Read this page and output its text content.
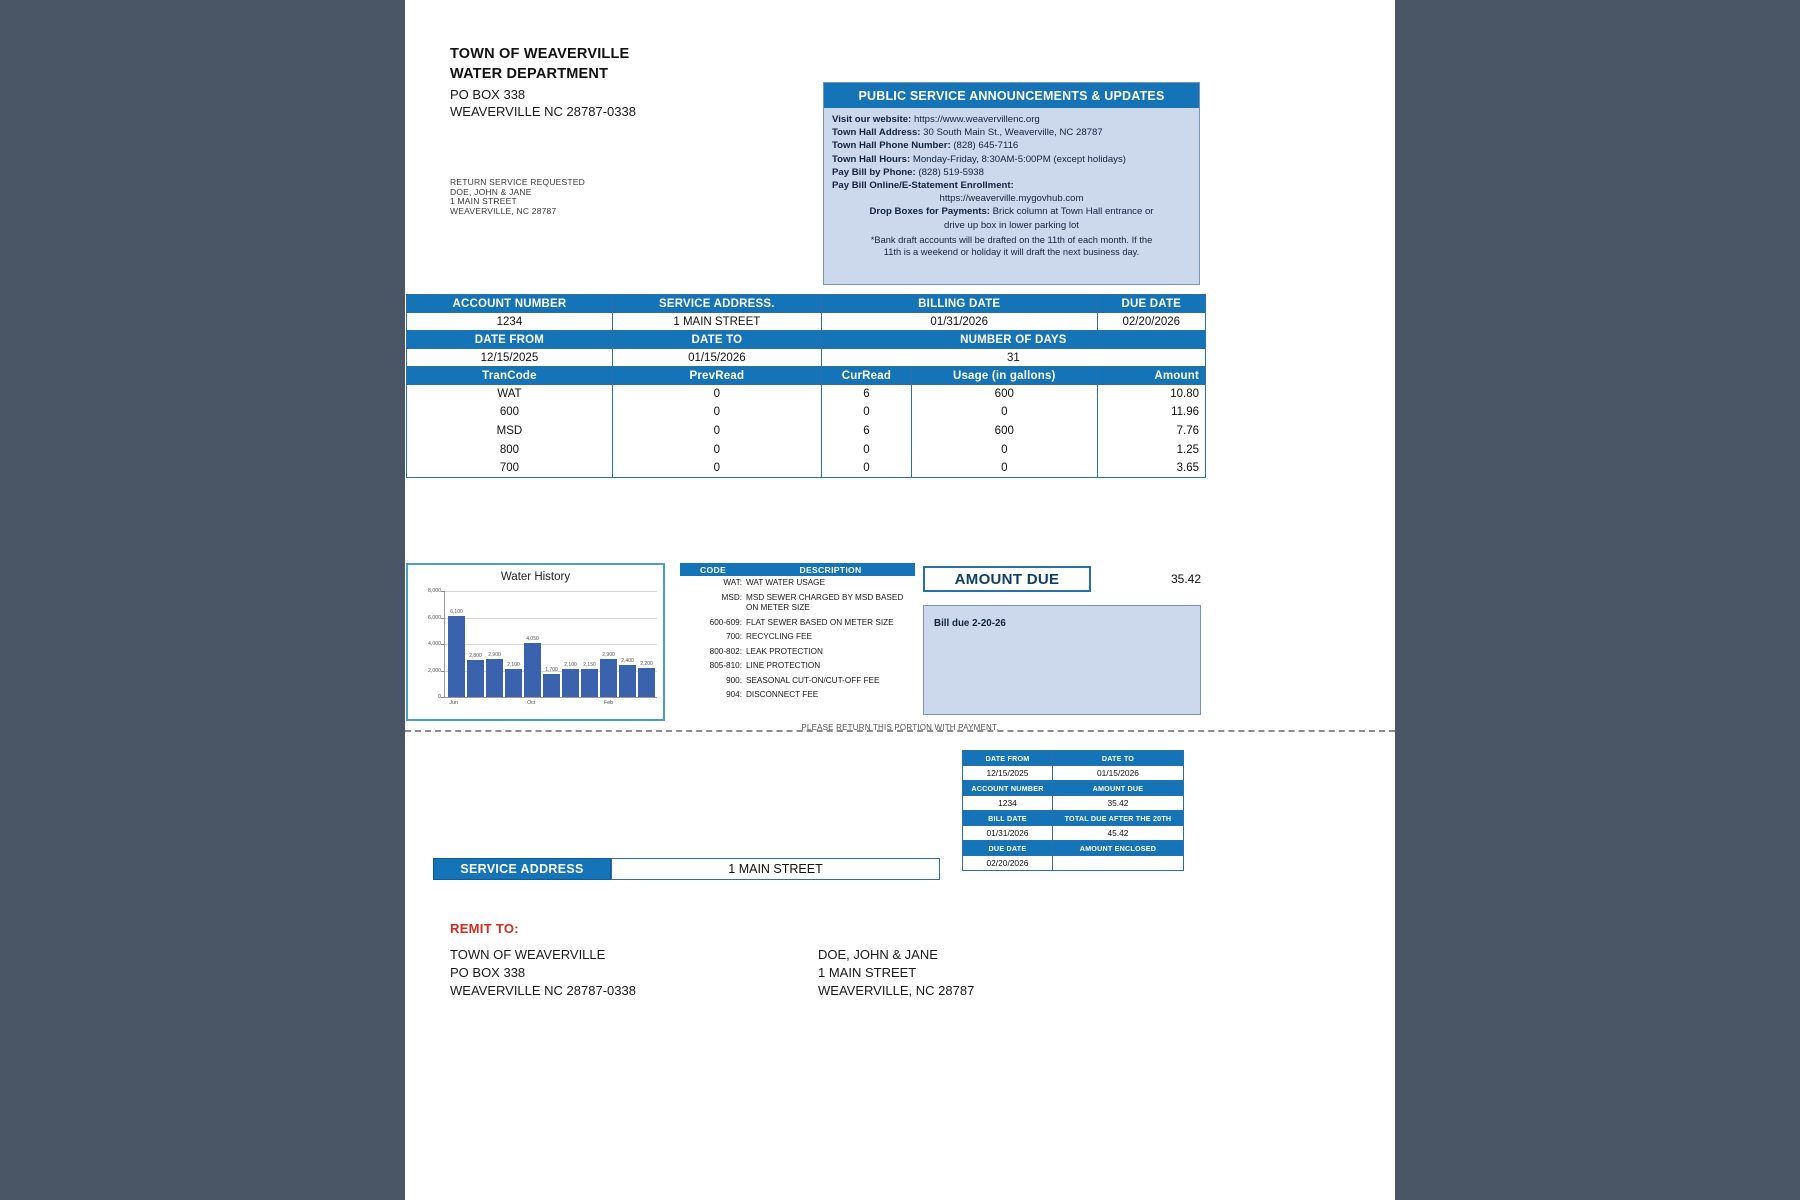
TOWN OF WEAVERVILLE
WATER DEPARTMENT
PO BOX 338
WEAVERVILLE NC 28787-0338
RETURN SERVICE REQUESTED
DOE, JOHN & JANE
1 MAIN STREET
WEAVERVILLE, NC 28787
PUBLIC SERVICE ANNOUNCEMENTS & UPDATES
Visit our website: https://www.weavervillenc.org
Town Hall Address: 30 South Main St., Weaverville, NC 28787
Town Hall Phone Number: (828) 645-7116
Town Hall Hours: Monday-Friday, 8:30AM-5:00PM (except holidays)
Pay Bill by Phone: (828) 519-5938
Pay Bill Online/E-Statement Enrollment:
https://weaverville.mygovhub.com
Drop Boxes for Payments: Brick column at Town Hall entrance or
drive up box in lower parking lot
*Bank draft accounts will be drafted on the 11th of each month. If the
11th is a weekend or holiday it will draft the next business day.
ACCOUNT NUMBER	SERVICE ADDRESS.	BILLING DATE		DUE DATE
1234	1 MAIN STREET	01/31/2026		02/20/2026
DATE FROM	DATE TO	NUMBER OF DAYS		
12/15/2025	01/15/2026	31		
TranCode	PrevRead	CurRead	Usage (in gallons)	Amount
WAT	0	6	600	10.80
600	0	0	0	11.96
MSD	0	6	600	7.76
800	0	0	0	1.25
700	0	0	0	3.65
Water History
8,000
6,000
4,000
2,000
0
6,100
2,800 2,900
2,100
4,050
1,700
2,100 2,150
2,900
2,400 2,200
Jun	Oct	Feb
CODE	DESCRIPTION
WAT: WAT WATER USAGE
MSD: MSD SEWER CHARGED BY MSD BASED ON METER SIZE
600-609: FLAT SEWER BASED ON METER SIZE
700: RECYCLING FEE
800-802: LEAK PROTECTION
805-810: LINE PROTECTION
900: SEASONAL CUT-ON/CUT-OFF FEE
904: DISCONNECT FEE
AMOUNT DUE	35.42
Bill due 2-20-26
PLEASE RETURN THIS PORTION WITH PAYMENT.
DATE FROM	DATE TO
12/15/2025	01/15/2026
ACCOUNT NUMBER	AMOUNT DUE
1234	35.42
BILL DATE	TOTAL DUE AFTER THE 20TH
01/31/2026	45.42
DUE DATE	AMOUNT ENCLOSED
02/20/2026	
SERVICE ADDRESS	1 MAIN STREET
REMIT TO:
TOWN OF WEAVERVILLE
PO BOX 338
WEAVERVILLE NC 28787-0338
DOE, JOHN & JANE
1 MAIN STREET
WEAVERVILLE, NC 28787
